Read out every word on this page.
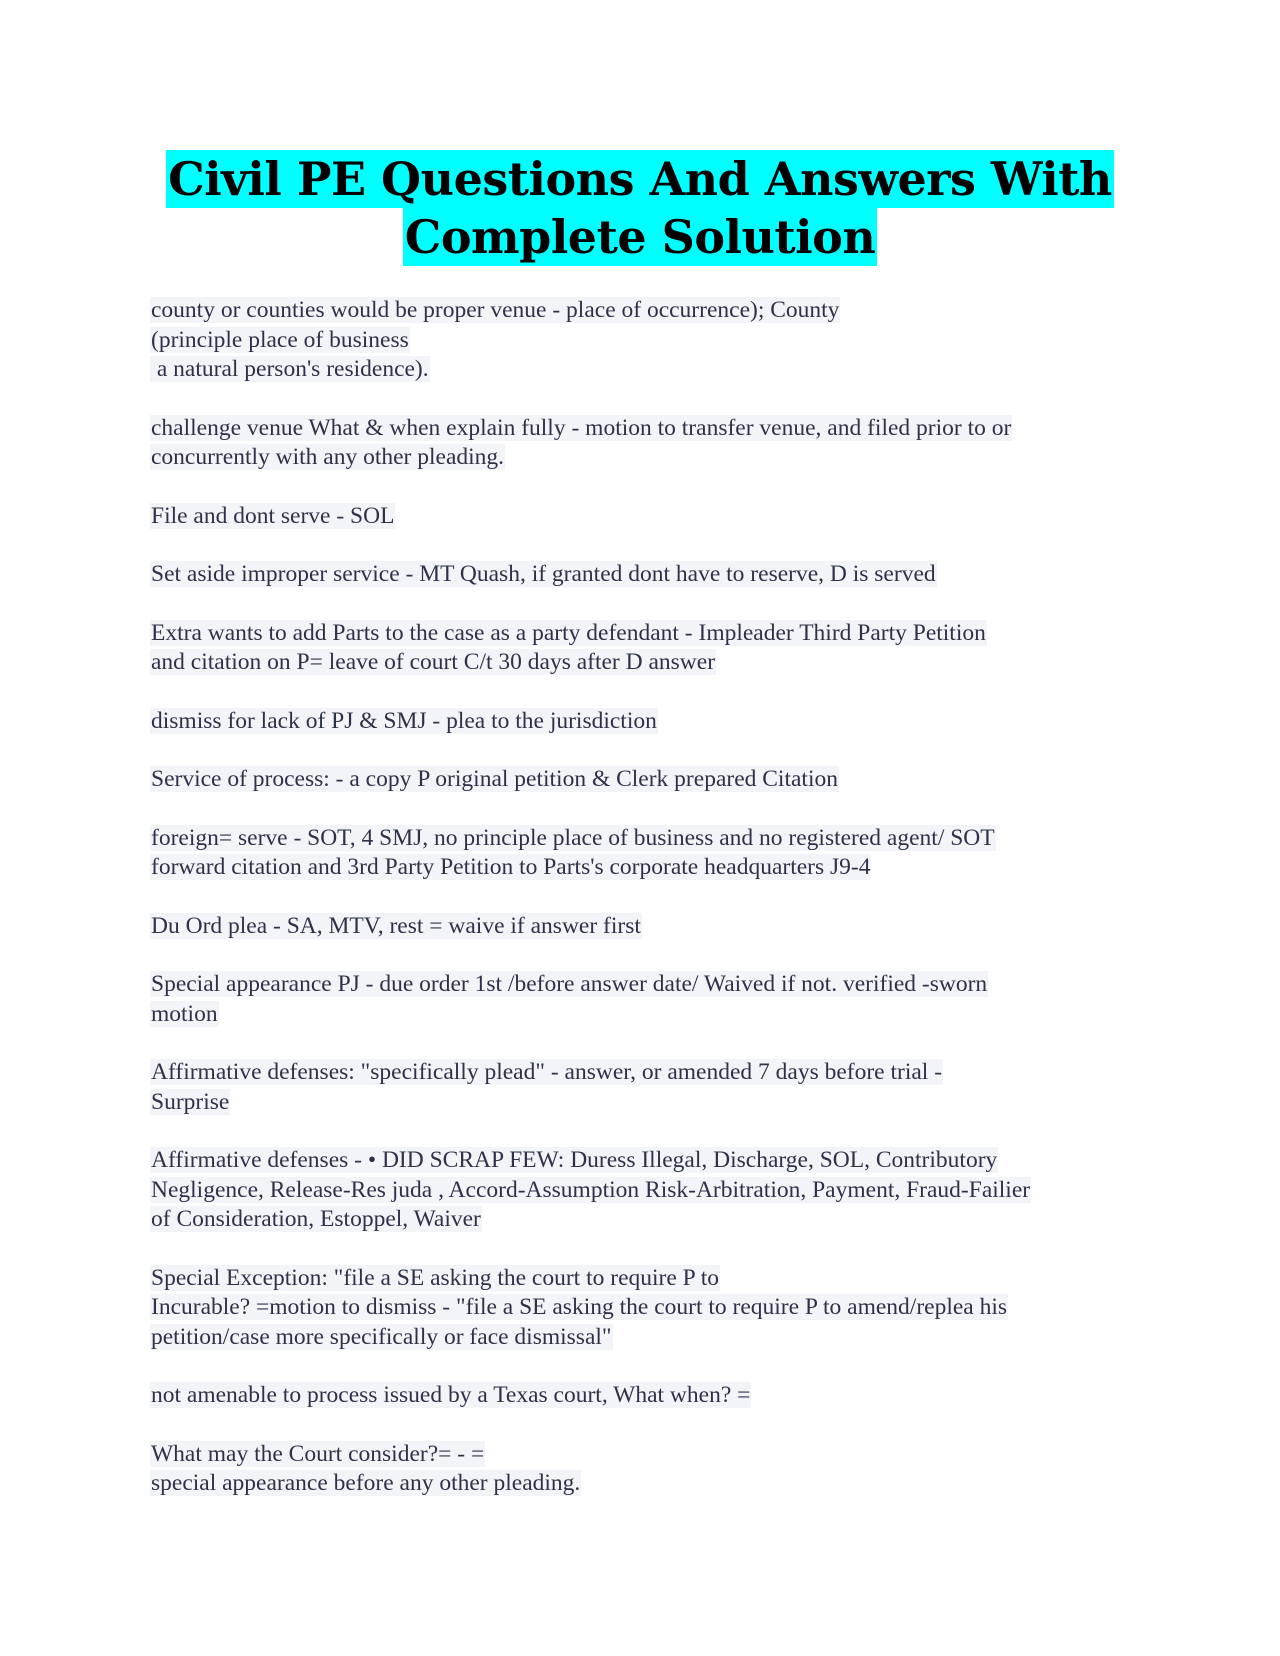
Civil PE Questions And Answers With
Complete Solution
county or counties would be proper venue - place of occurrence); County
(principle place of business
a natural person's residence).
challenge venue What & when explain fully - motion to transfer venue, and filed prior to or
concurrently with any other pleading.
File and dont serve - SOL
Set aside improper service - MT Quash, if granted dont have to reserve, D is served
Extra wants to add Parts to the case as a party defendant - Impleader Third Party Petition
and citation on P= leave of court C/t 30 days after D answer
dismiss for lack of PJ & SMJ - plea to the jurisdiction
Service of process: - a copy P original petition & Clerk prepared Citation
foreign= serve - SOT, 4 SMJ, no principle place of business and no registered agent/ SOT
forward citation and 3rd Party Petition to Parts's corporate headquarters J9-4
Du Ord plea - SA, MTV, rest = waive if answer first
Special appearance PJ - due order 1st /before answer date/ Waived if not. verified -sworn
motion
Affirmative defenses: "specifically plead" - answer, or amended 7 days before trial -
Surprise
Affirmative defenses - • DID SCRAP FEW: Duress Illegal, Discharge, SOL, Contributory
Negligence, Release-Res juda , Accord-Assumption Risk-Arbitration, Payment, Fraud-Failier
of Consideration, Estoppel, Waiver
Special Exception: "file a SE asking the court to require P to
Incurable? =motion to dismiss - "file a SE asking the court to require P to amend/replea his
petition/case more specifically or face dismissal"
not amenable to process issued by a Texas court, What when? =
What may the Court consider?= - =
special appearance before any other pleading.
